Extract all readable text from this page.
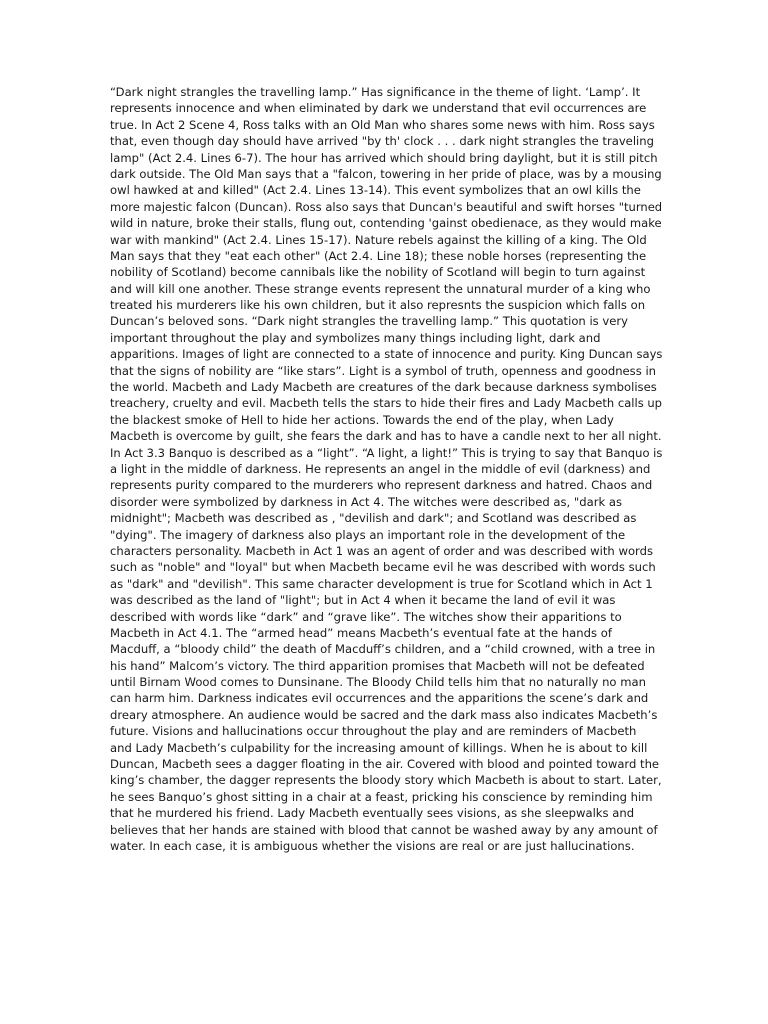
“Dark night strangles the travelling lamp.” Has significance in the theme of light. ‘Lamp’. It
represents innocence and when eliminated by dark we understand that evil occurrences are
true. In Act 2 Scene 4, Ross talks with an Old Man who shares some news with him. Ross says
that, even though day should have arrived "by th' clock . . . dark night strangles the traveling
lamp" (Act 2.4. Lines 6-7). The hour has arrived which should bring daylight, but it is still pitch
dark outside. The Old Man says that a "falcon, towering in her pride of place, was by a mousing
owl hawked at and killed" (Act 2.4. Lines 13-14). This event symbolizes that an owl kills the
more majestic falcon (Duncan). Ross also says that Duncan's beautiful and swift horses "turned
wild in nature, broke their stalls, flung out, contending 'gainst obedienace, as they would make
war with mankind" (Act 2.4. Lines 15-17). Nature rebels against the killing of a king. The Old
Man says that they "eat each other" (Act 2.4. Line 18); these noble horses (representing the
nobility of Scotland) become cannibals like the nobility of Scotland will begin to turn against
and will kill one another. These strange events represent the unnatural murder of a king who
treated his murderers like his own children, but it also represnts the suspicion which falls on
Duncan’s beloved sons. “Dark night strangles the travelling lamp.” This quotation is very
important throughout the play and symbolizes many things including light, dark and
apparitions. Images of light are connected to a state of innocence and purity. King Duncan says
that the signs of nobility are “like stars”. Light is a symbol of truth, openness and goodness in
the world. Macbeth and Lady Macbeth are creatures of the dark because darkness symbolises
treachery, cruelty and evil. Macbeth tells the stars to hide their fires and Lady Macbeth calls up
the blackest smoke of Hell to hide her actions. Towards the end of the play, when Lady
Macbeth is overcome by guilt, she fears the dark and has to have a candle next to her all night.
In Act 3.3 Banquo is described as a “light”. “A light, a light!” This is trying to say that Banquo is
a light in the middle of darkness. He represents an angel in the middle of evil (darkness) and
represents purity compared to the murderers who represent darkness and hatred. Chaos and
disorder were symbolized by darkness in Act 4. The witches were described as, "dark as
midnight"; Macbeth was described as , "devilish and dark"; and Scotland was described as
"dying". The imagery of darkness also plays an important role in the development of the
characters personality. Macbeth in Act 1 was an agent of order and was described with words
such as "noble" and "loyal" but when Macbeth became evil he was described with words such
as "dark" and "devilish". This same character development is true for Scotland which in Act 1
was described as the land of "light"; but in Act 4 when it became the land of evil it was
described with words like “dark” and “grave like”. The witches show their apparitions to
Macbeth in Act 4.1. The “armed head” means Macbeth’s eventual fate at the hands of
Macduff, a “bloody child” the death of Macduff’s children, and a “child crowned, with a tree in
his hand” Malcom’s victory. The third apparition promises that Macbeth will not be defeated
until Birnam Wood comes to Dunsinane. The Bloody Child tells him that no naturally no man
can harm him. Darkness indicates evil occurrences and the apparitions the scene’s dark and
dreary atmosphere. An audience would be sacred and the dark mass also indicates Macbeth’s
future. Visions and hallucinations occur throughout the play and are reminders of Macbeth
and Lady Macbeth’s culpability for the increasing amount of killings. When he is about to kill
Duncan, Macbeth sees a dagger floating in the air. Covered with blood and pointed toward the
king’s chamber, the dagger represents the bloody story which Macbeth is about to start. Later,
he sees Banquo’s ghost sitting in a chair at a feast, pricking his conscience by reminding him
that he murdered his friend. Lady Macbeth eventually sees visions, as she sleepwalks and
believes that her hands are stained with blood that cannot be washed away by any amount of
water. In each case, it is ambiguous whether the visions are real or are just hallucinations.
